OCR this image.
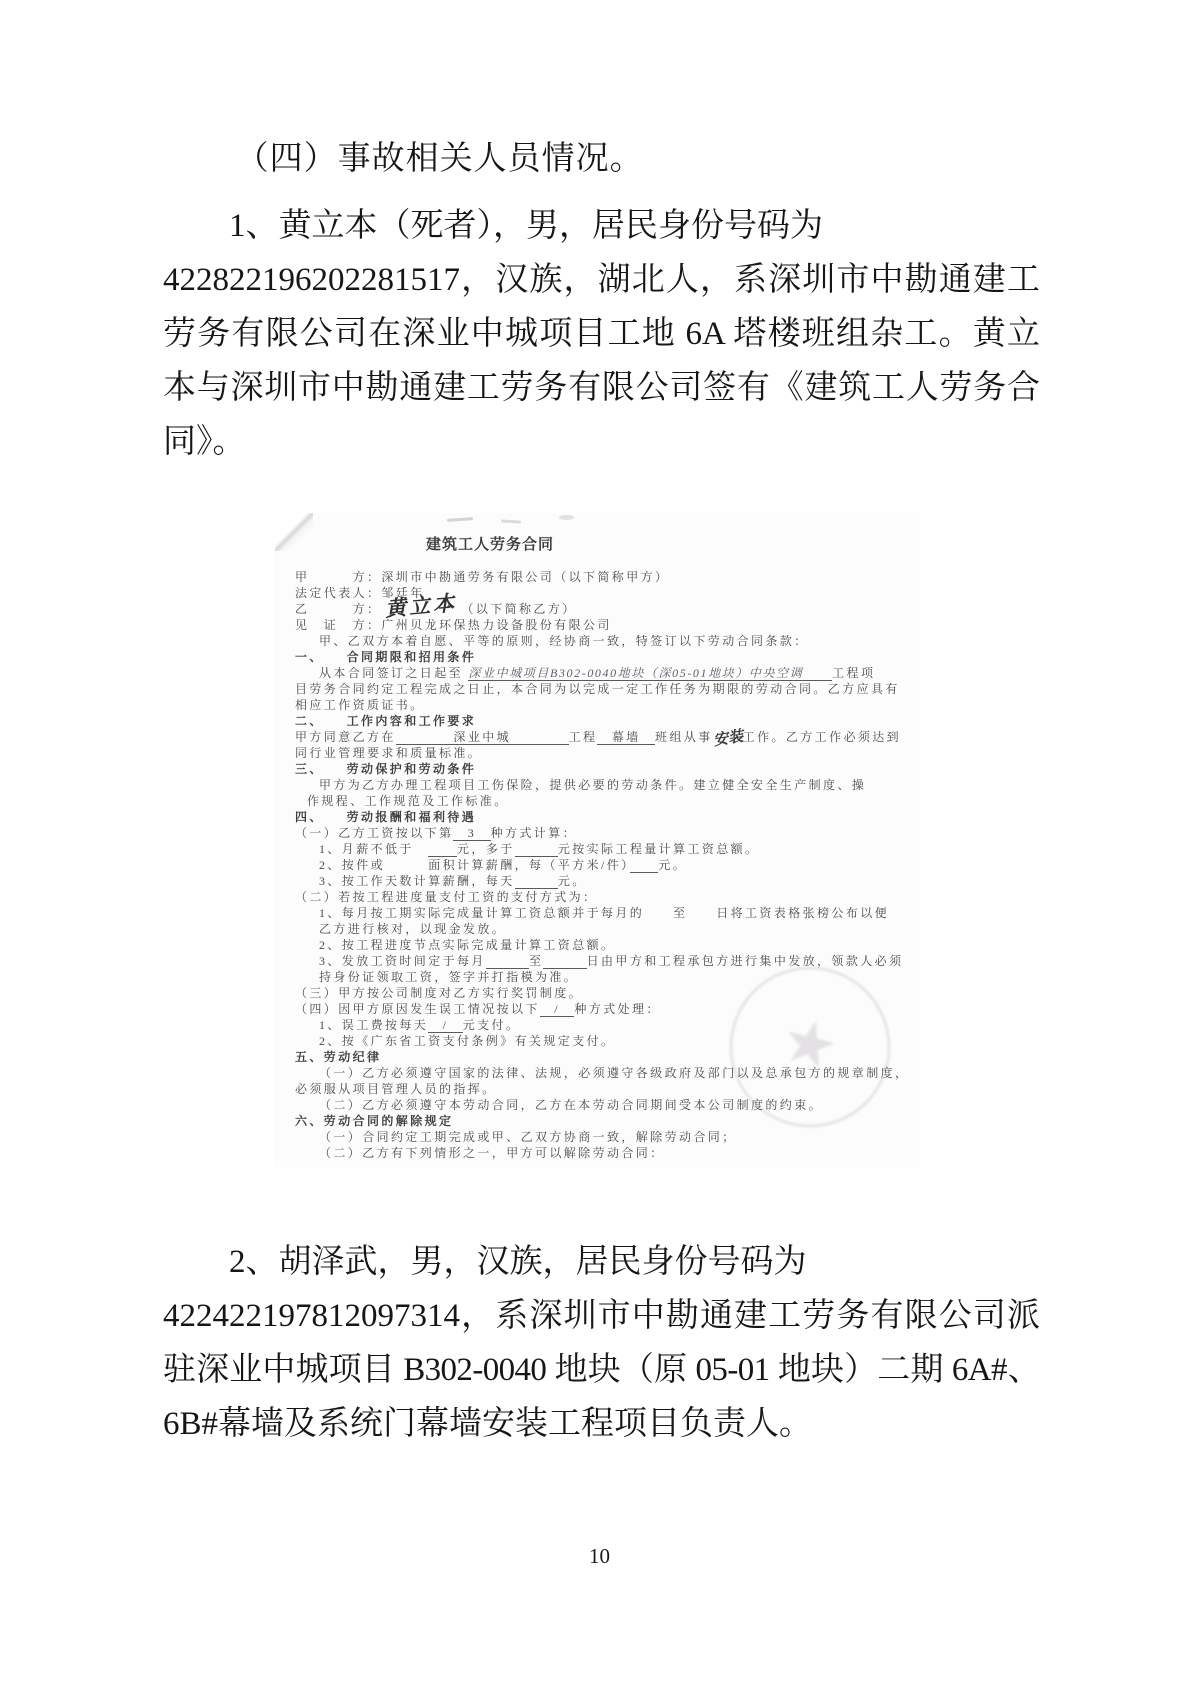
（四）事故相关人员情况。
1、黄立本（死者），男，居民身份号码为
422822196202281517，汉族，湖北人，系深圳市中勘通建工
劳务有限公司在深业中城项目工地 6A 塔楼班组杂工。黄立
本与深圳市中勘通建工劳务有限公司签有《建筑工人劳务合
同》。
建筑工人劳务合同
甲　　　方：深圳市中勘通劳务有限公司（以下简称甲方）
法定代表人：邹廷年
乙　　　方： 黄立本 （以下简称乙方）
见　证　方：广州贝龙环保热力设备股份有限公司
甲、乙双方本着自愿、平等的原则，经协商一致，特签订以下劳动合同条款：
一、　　合同期限和招用条件
从本合同签订之日起至 深业中城项目B302-0040地块（深05-01地块）中央空调　　 工程项
目劳务合同约定工程完成之日止，本合同为以完成一定工作任务为期限的劳动合同。乙方应具有
相应工作资质证书。
二、　　工作内容和工作要求
甲方同意乙方在　　　　深业中城　　　　工程　幕墙　班组从事安装工作。乙方工作必须达到
同行业管理要求和质量标准。
三、　　劳动保护和劳动条件
甲方为乙方办理工程项目工伤保险，提供必要的劳动条件。建立健全安全生产制度、操
作规程、工作规范及工作标准。
四、　　劳动报酬和福利待遇
（一）乙方工资按以下第　3　种方式计算：
1、月薪不低于　　　元，多于　　　	元按实际工程量计算工资总额。
2、按件或　　　面积计算薪酬，每（平方米/件）　　 元。
3、按工作天数计算薪酬，每天　　　	元。
（二）若按工程进度量支付工资的支付方式为：
1、每月按工期实际完成量计算工资总额并于每月的　　至　　日将工资表格张榜公布以便
乙方进行核对，以现金发放。
2、按工程进度节点实际完成量计算工资总额。
3、发放工资时间定于每月　　　	至　　　	日由甲方和工程承包方进行集中发放，领款人必须
持身份证领取工资，签字并打指模为准。
（三）甲方按公司制度对乙方实行奖罚制度。
（四）因甲方原因发生误工情况按以下　/　种方式处理：
1、误工费按每天　/　元支付。
2、按《广东省工资支付条例》有关规定支付。
五、劳动纪律
（一）乙方必须遵守国家的法律、法规，必须遵守各级政府及部门以及总承包方的规章制度，
必须服从项目管理人员的指挥。
（二）乙方必须遵守本劳动合同，乙方在本劳动合同期间受本公司制度的约束。
六、劳动合同的解除规定
（一）合同约定工期完成或甲、乙双方协商一致，解除劳动合同；
（二）乙方有下列情形之一，甲方可以解除劳动合同：
★
2、胡泽武，男，汉族，居民身份号码为
422422197812097314，系深圳市中勘通建工劳务有限公司派
驻深业中城项目 B302-0040 地块（原 05-01 地块）二期 6A#、
6B#幕墙及系统门幕墙安装工程项目负责人。
10
